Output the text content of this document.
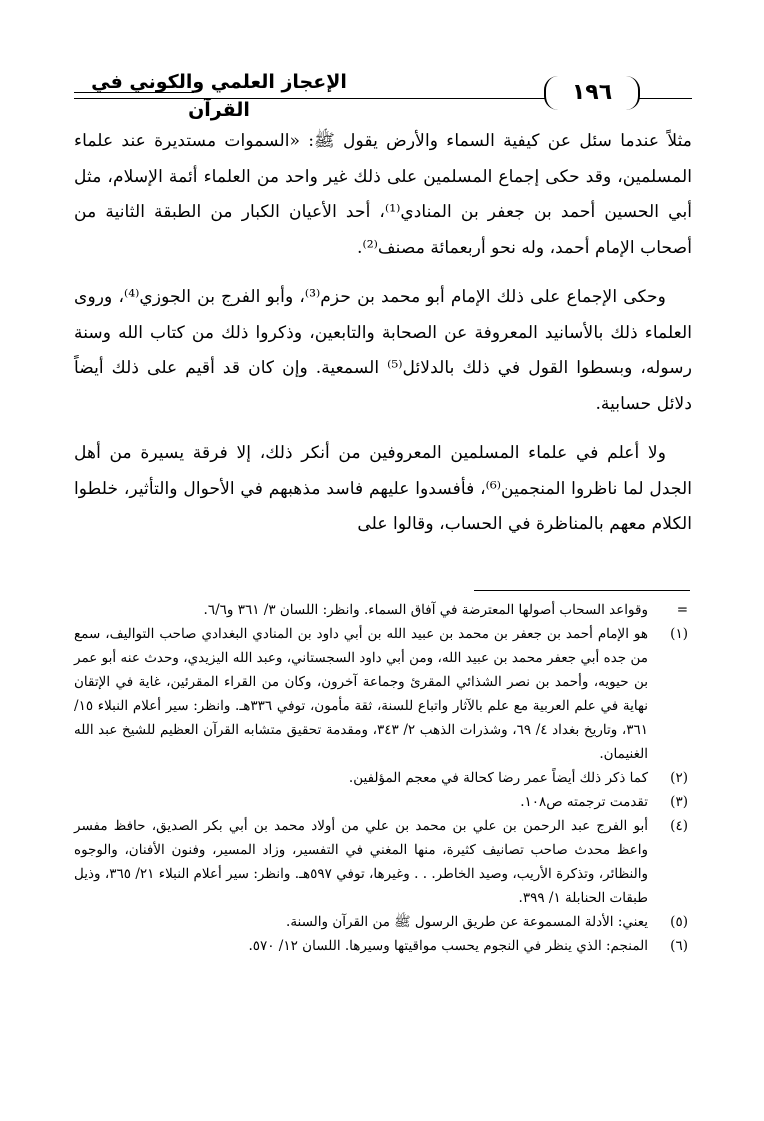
الإعجاز العلمي والكوني في القرآن
١٩٦

مثلاً عندما سئل عن كيفية السماء والأرض يقول ﷺ: «السموات مستديرة عند علماء المسلمين، وقد حكى إجماع المسلمين على ذلك غير واحد من العلماء أئمة الإسلام، مثل أبي الحسين أحمد بن جعفر بن المنادي⁽¹⁾، أحد الأعيان الكبار من الطبقة الثانية من أصحاب الإمام أحمد، وله نحو أربعمائة مصنف⁽²⁾.

وحكى الإجماع على ذلك الإمام أبو محمد بن حزم⁽³⁾، وأبو الفرج بن الجوزي⁽⁴⁾، وروى العلماء ذلك بالأسانيد المعروفة عن الصحابة والتابعين، وذكروا ذلك من كتاب الله وسنة رسوله، وبسطوا القول في ذلك بالدلائل⁽⁵⁾ السمعية. وإن كان قد أقيم على ذلك أيضاً دلائل حسابية.

ولا أعلم في علماء المسلمين المعروفين من أنكر ذلك، إلا فرقة يسيرة من أهل الجدل لما ناظروا المنجمين⁽⁶⁾، فأفسدوا عليهم فاسد مذهبهم في الأحوال والتأثير، خلطوا الكلام معهم بالمناظرة في الحساب، وقالوا على

=
وقواعد السحاب أصولها المعترضة في آفاق السماء. وانظر: اللسان ٣/ ٣٦١ و٦/٦.
(١)
هو الإمام أحمد بن جعفر بن محمد بن عبيد الله بن أبي داود بن المنادي البغدادي صاحب التواليف، سمع من جده أبي جعفر محمد بن عبيد الله، ومن أبي داود السجستاني، وعبد الله اليزيدي، وحدث عنه أبو عمر بن حيويه، وأحمد بن نصر الشذائي المقرئ وجماعة آخرون، وكان من القراء المقرئين، غاية في الإتقان نهاية في علم العربية مع علم بالآثار واتباع للسنة، ثقة مأمون، توفي ٣٣٦هـ. وانظر: سير أعلام النبلاء ١٥/ ٣٦١، وتاريخ بغداد ٤/ ٦٩، وشذرات الذهب ٢/ ٣٤٣، ومقدمة تحقيق متشابه القرآن العظيم للشيخ عبد الله الغنيمان.
(٢)
كما ذكر ذلك أيضاً عمر رضا كحالة في معجم المؤلفين.
(٣)
تقدمت ترجمته ص١٠٨.
(٤)
أبو الفرج عبد الرحمن بن علي بن محمد بن علي من أولاد محمد بن أبي بكر الصديق، حافظ مفسر واعظ محدث صاحب تصانيف كثيرة، منها المغني في التفسير، وزاد المسير، وفنون الأفنان، والوجوه والنظائر، وتذكرة الأريب، وصيد الخاطر. . . وغيرها، توفي ٥٩٧هـ. وانظر: سير أعلام النبلاء ٢١/ ٣٦٥، وذيل طبقات الحنابلة ١/ ٣٩٩.
(٥)
يعني: الأدلة المسموعة عن طريق الرسول ﷺ من القرآن والسنة.
(٦)
المنجم: الذي ينظر في النجوم يحسب مواقيتها وسيرها. اللسان ١٢/ ٥٧٠.
